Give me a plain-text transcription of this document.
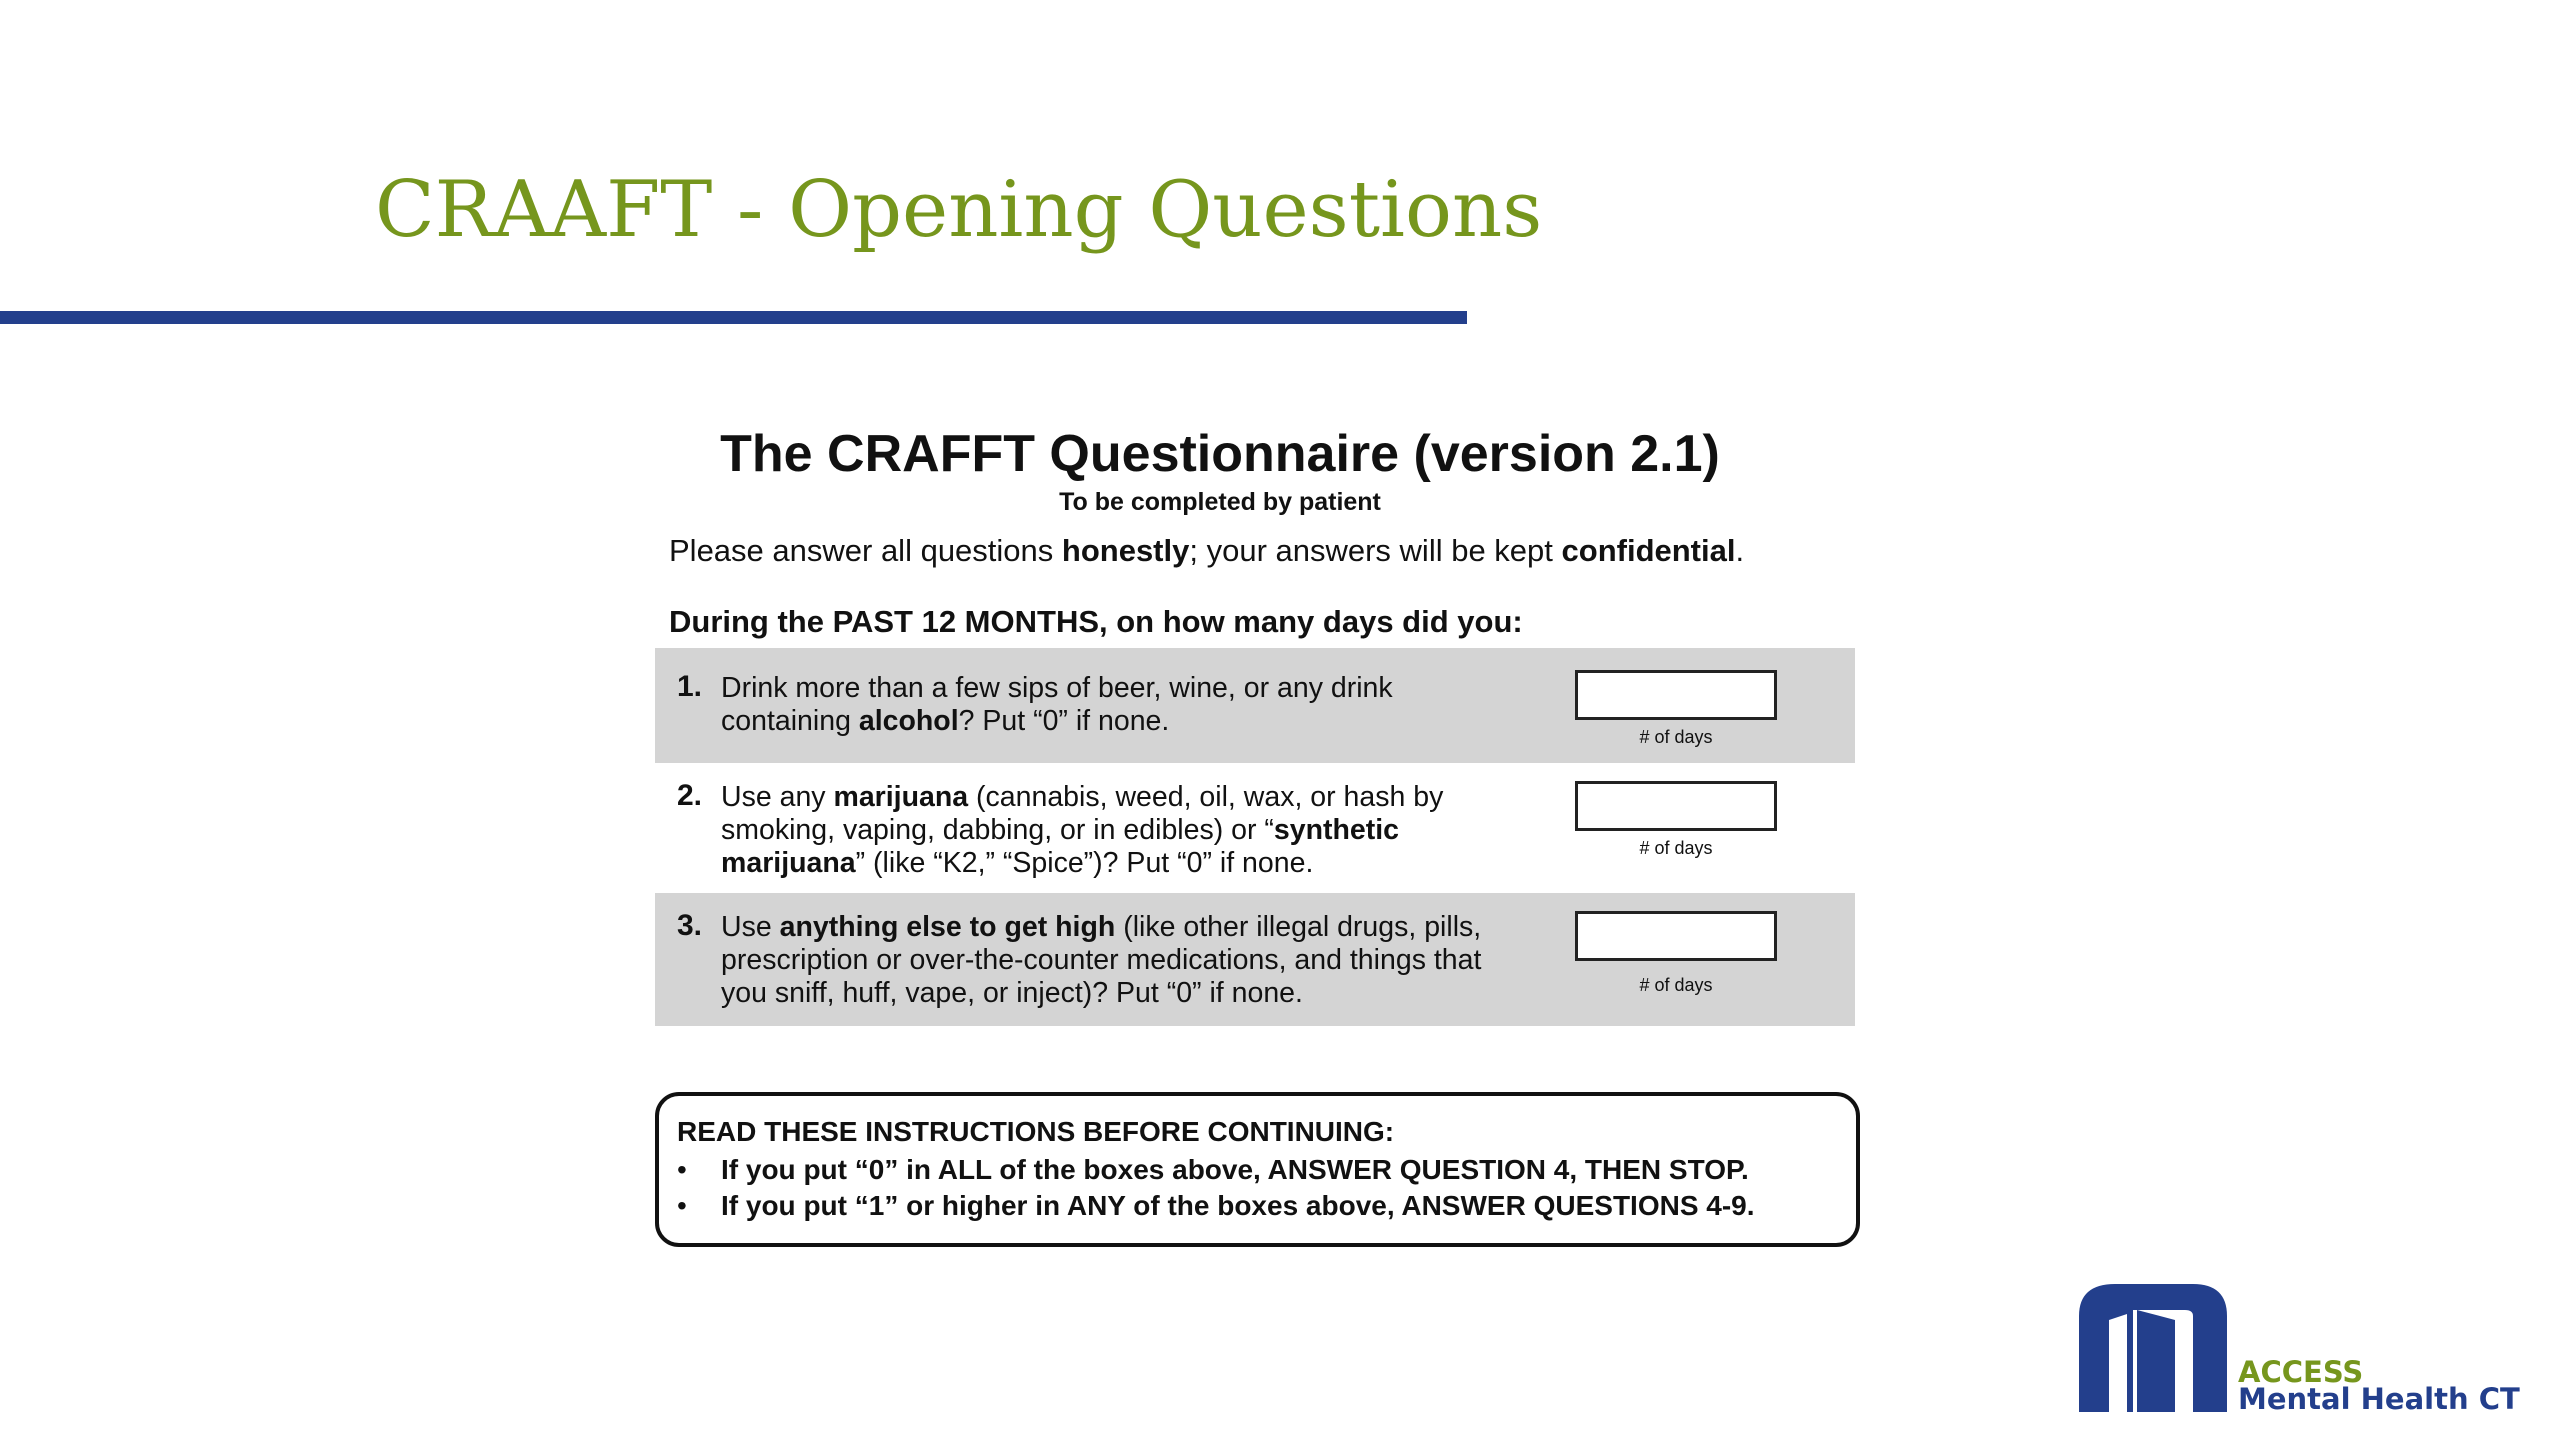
CRAAFT - Opening Questions
The CRAFFT Questionnaire (version 2.1)
To be completed by patient
Please answer all questions honestly; your answers will be kept confidential.
During the PAST 12 MONTHS, on how many days did you:
1. Drink more than a few sips of beer, wine, or any drink containing alcohol? Put “0” if none.	# of days
2. Use any marijuana (cannabis, weed, oil, wax, or hash by smoking, vaping, dabbing, or in edibles) or “synthetic marijuana” (like “K2,” “Spice”)? Put “0” if none.	# of days
3. Use anything else to get high (like other illegal drugs, pills, prescription or over-the-counter medications, and things that you sniff, huff, vape, or inject)? Put “0” if none.	# of days
READ THESE INSTRUCTIONS BEFORE CONTINUING:
• If you put “0” in ALL of the boxes above, ANSWER QUESTION 4, THEN STOP.
• If you put “1” or higher in ANY of the boxes above, ANSWER QUESTIONS 4-9.
ACCESS
Mental Health CT
